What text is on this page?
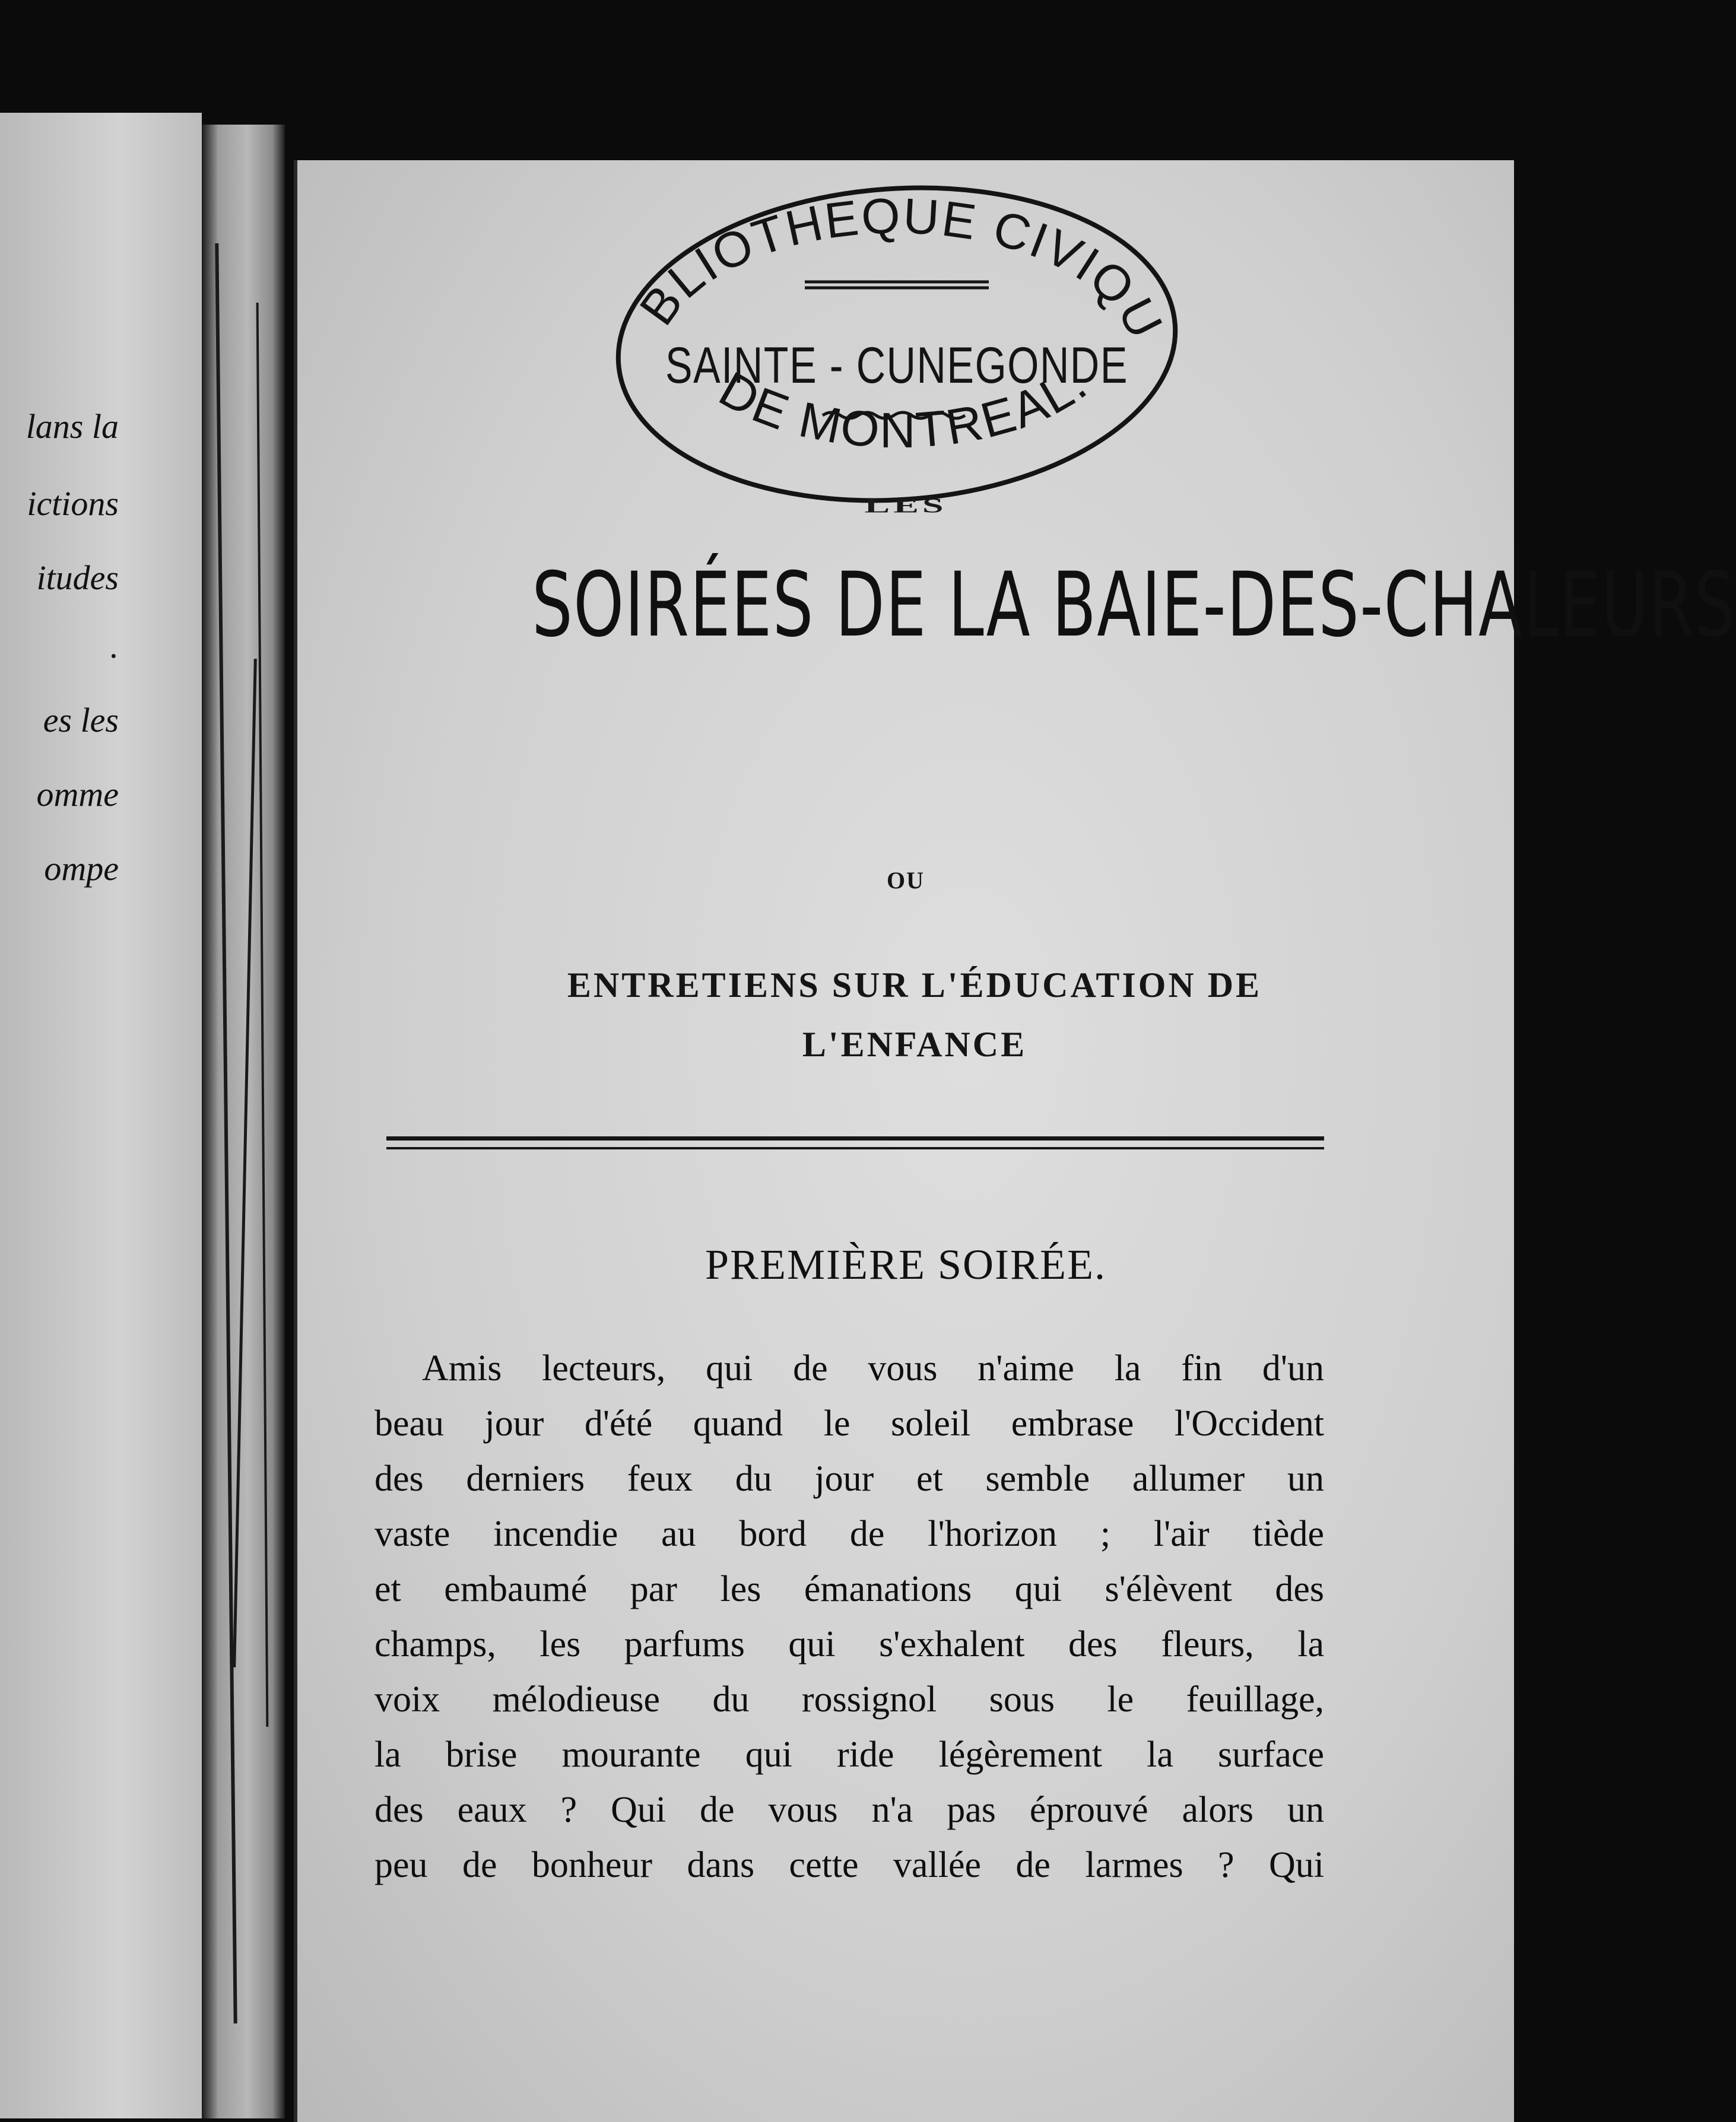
lans la
ictions
itudes
.
es les
omme
ompe
BLIOTHEQUE CIVIQU
SAINTE - CUNEGONDE
DE MONTREAL.
LES
SOIRÉES DE LA BAIE-DES-CHALEURS
OU
ENTRETIENS SUR L'ÉDUCATION DE
L'ENFANCE
PREMIÈRE SOIRÉE.
Amis lecteurs, qui de vous n'aime la fin d'un
beau jour d'été quand le soleil embrase l'Occident
des derniers feux du jour et semble allumer un
vaste incendie au bord de l'horizon ; l'air tiède
et embaumé par les émanations qui s'élèvent des
champs, les parfums qui s'exhalent des fleurs, la
voix mélodieuse du rossignol sous le feuillage,
la brise mourante qui ride légèrement la surface
des eaux ? Qui de vous n'a pas éprouvé alors un
peu de bonheur dans cette vallée de larmes ? Qui
